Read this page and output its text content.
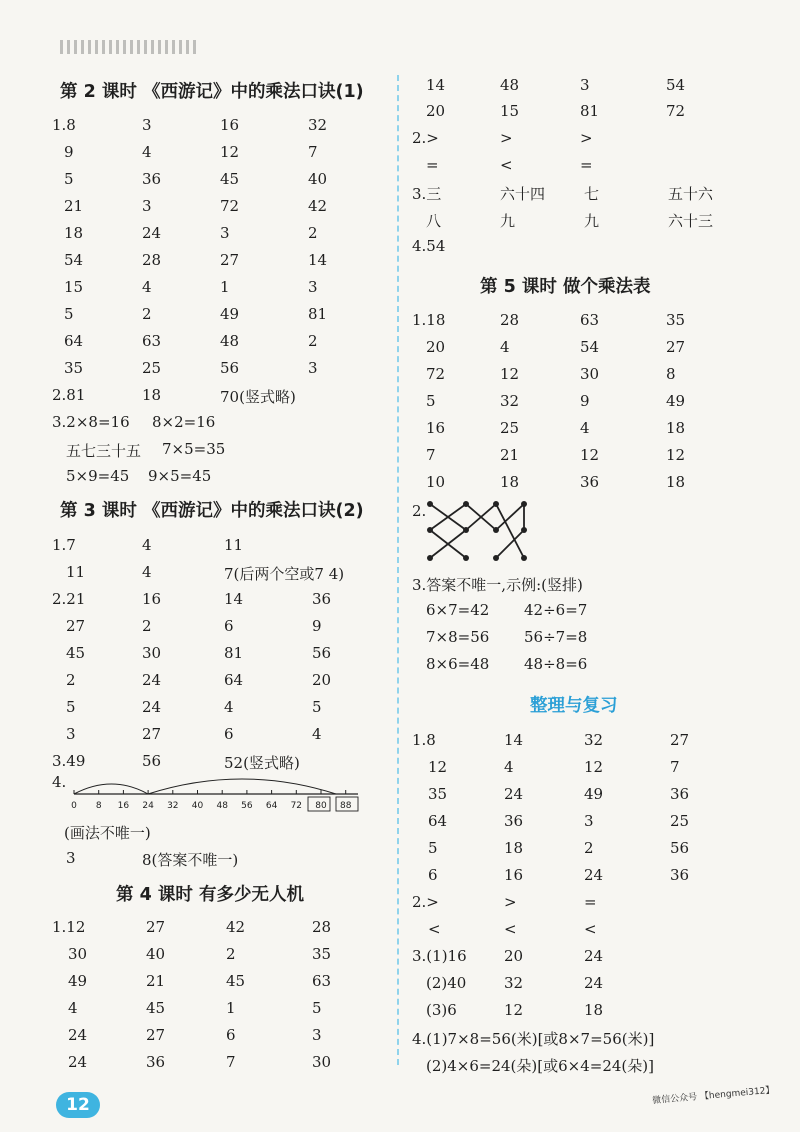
第 2 课时 《西游记》中的乘法口诀(1)
1.8	3	16	32
9	4	12	7
5	36	45	40
21	3	72	42
18	24	3	2
54	28	27	14
15	4	1	3
5	2	49	81
64	63	48	2
35	25	56	3
2.81	18	70(竖式略)
3.2×8=16 8×2=16
五七三十五 7×5=35
5×9=45 9×5=45
第 3 课时 《西游记》中的乘法口诀(2)
1.7	4	11
11	4	7(后两个空或7 4)
2.21	16	14	36
27	2	6	9
45	30	81	56
2	24	64	20
5	24	4	5
3	27	6	4
3.49	56	52(竖式略)
4.
0 8 16 24 32 40 48 56 64 72 80 88
(画法不唯一)
3	8(答案不唯一)
第 4 课时 有多少无人机
1.12	27	42	28
30	40	2	35
49	21	45	63
4	45	1	5
24	27	6	3
24	36	7	30
14	48	3	54
20	15	81	72
2.>	>	>
=	<	=
3.三	六十四	七	五十六
八	九	九	六十三
4.54
第 5 课时 做个乘法表
1.18	28	63	35
20	4	54	27
72	12	30	8
5	32	9	49
16	25	4	18
7	21	12	12
10	18	36	18
2.
3.答案不唯一,示例:(竖排)
6×7=42 42÷6=7
7×8=56 56÷7=8
8×6=48 48÷8=6
整理与复习
1.8	14	32	27
12	4	12	7
35	24	49	36
64	36	3	25
5	18	2	56
6	16	24	36
2.>	>	=
<	<	<
3.(1)16 20	24
(2)40	32	24
(3)6	12	18
4.(1)7×8=56(米)[或8×7=56(米)]
(2)4×6=24(朵)[或6×4=24(朵)]
12	微信公众号 【hengmei312】
